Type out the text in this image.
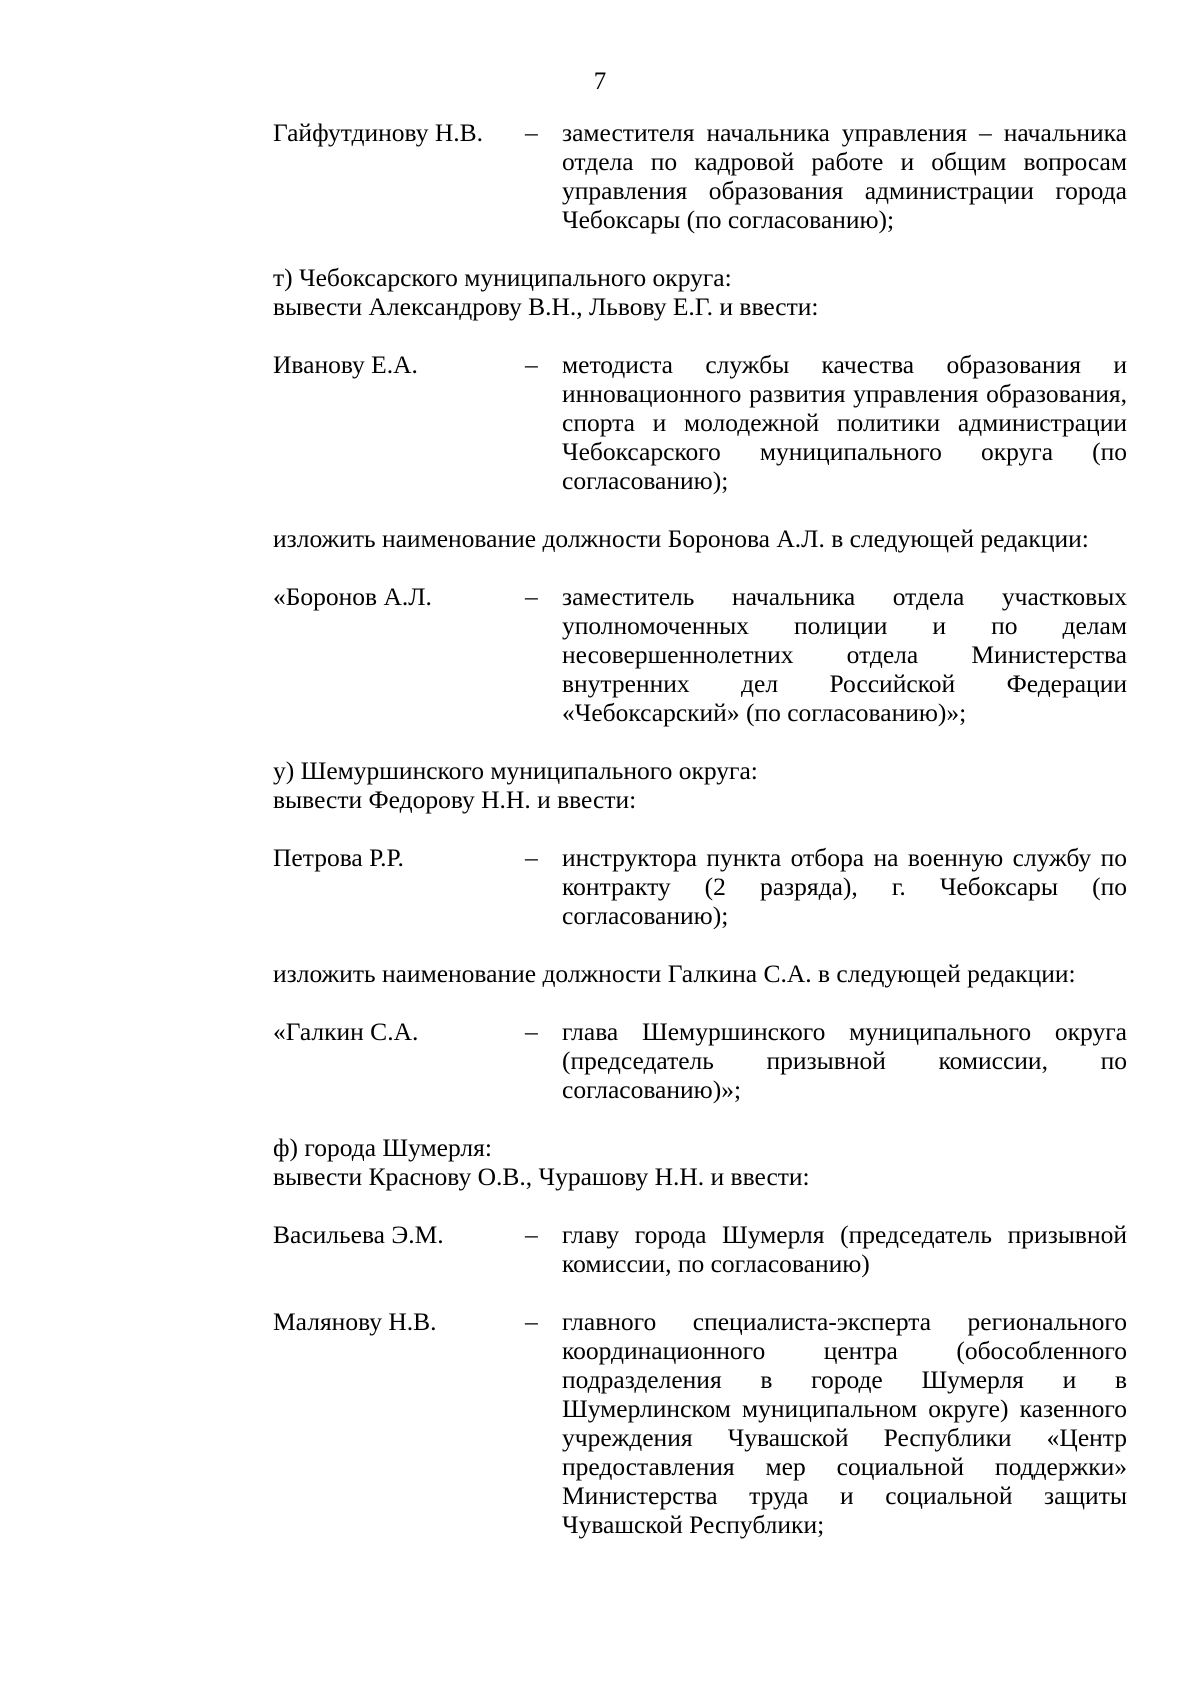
7
Гайфутдинову Н.В.	– заместителя начальника управления – начальника отдела по кадровой работе и общим вопросам управления образования администрации города Чебоксары (по согласованию);

т) Чебоксарского муниципального округа:

вывести Александрову В.Н., Львову Е.Г. и ввести:

Иванову Е.А.	– методиста службы качества образования и инновационного развития управления образования, спорта и молодежной политики администрации Чебоксарского муниципального округа (по согласованию);

изложить наименование должности Боронова А.Л. в следующей редакции:

«Боронов А.Л.	– заместитель начальника отдела участковых уполномоченных полиции и по делам несовершеннолетних отдела Министерства внутренних дел Российской Федерации «Чебоксарский» (по согласованию)»;

у) Шемуршинского муниципального округа:

вывести Федорову Н.Н. и ввести:

Петрова Р.Р.	– инструктора пункта отбора на военную службу по контракту (2 разряда), г. Чебоксары (по согласованию);

изложить наименование должности Галкина С.А. в следующей редакции:

«Галкин С.А.	– глава Шемуршинского муниципального округа (председатель призывной комиссии, по согласованию)»;

ф) города Шумерля:

вывести Краснову О.В., Чурашову Н.Н. и ввести:

Васильева Э.М.	– главу города Шумерля (председатель призывной комиссии, по согласованию)
Малянову Н.В.	– главного специалиста-эксперта регионального координационного центра (обособленного подразделения в городе Шумерля и в Шумерлинском муниципальном округе) казенного учреждения Чувашской Республики «Центр предоставления мер социальной поддержки» Министерства труда и социальной защиты Чувашской Республики;
